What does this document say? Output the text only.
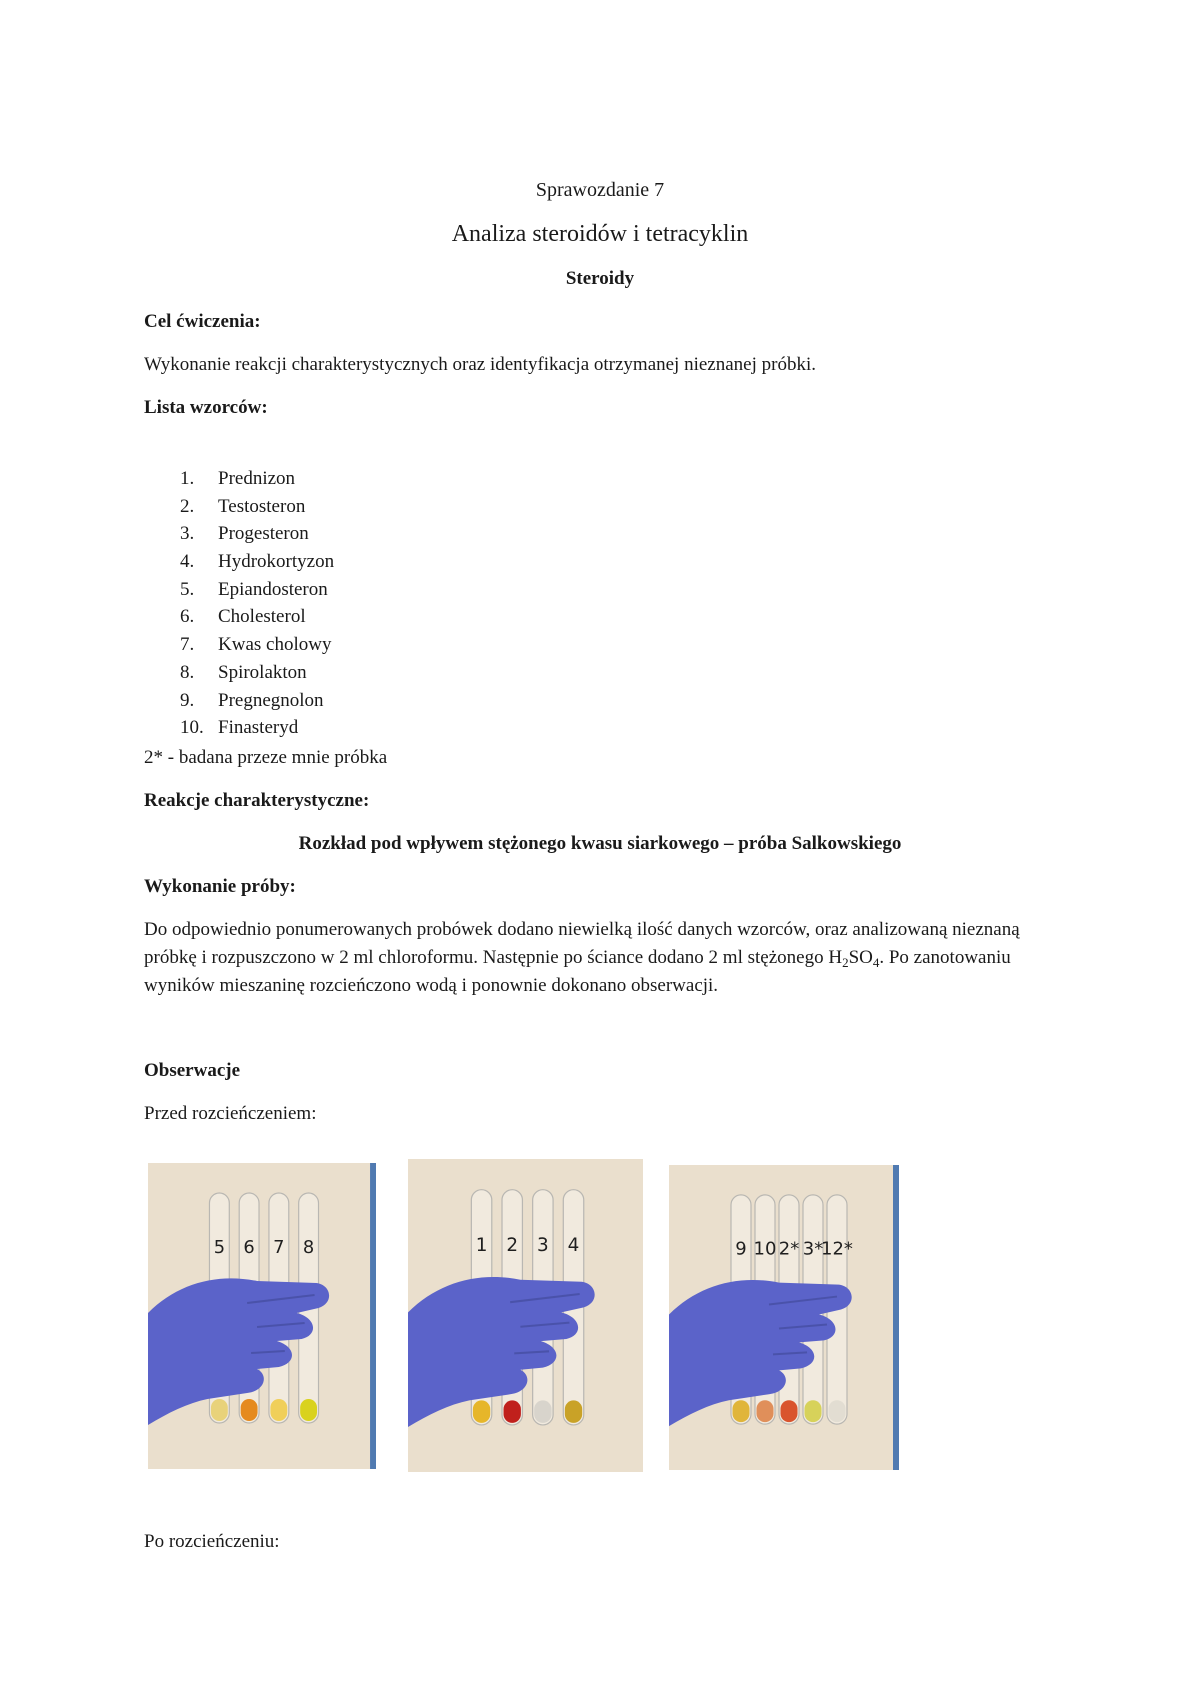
Sprawozdanie 7
Analiza steroidów i tetracyklin
Steroidy
Cel ćwiczenia:
Wykonanie reakcji charakterystycznych oraz identyfikacja otrzymanej nieznanej próbki.
Lista wzorców:
1. Prednizon
2. Testosteron
3. Progesteron
4. Hydrokortyzon
5. Epiandosteron
6. Cholesterol
7. Kwas cholowy
8. Spirolakton
9. Pregnegnolon
10. Finasteryd
2* - badana przeze mnie próbka
Reakcje charakterystyczne:
Rozkład pod wpływem stężonego kwasu siarkowego – próba Salkowskiego
Wykonanie próby:
Do odpowiednio ponumerowanych probówek dodano niewielką ilość danych wzorców, oraz analizowaną nieznaną próbkę i rozpuszczono w 2 ml chloroformu. Następnie po ściance dodano 2 ml stężonego $H_2SO_4$. Po zanotowaniu wyników mieszaninę rozcieńczono wodą i ponownie dokonano obserwacji.
Obserwacje
Przed rozcieńczeniem:
5 6 7 8	1 2 3 4	9 10 2* 3*
12*
Po rozcieńczeniu:
